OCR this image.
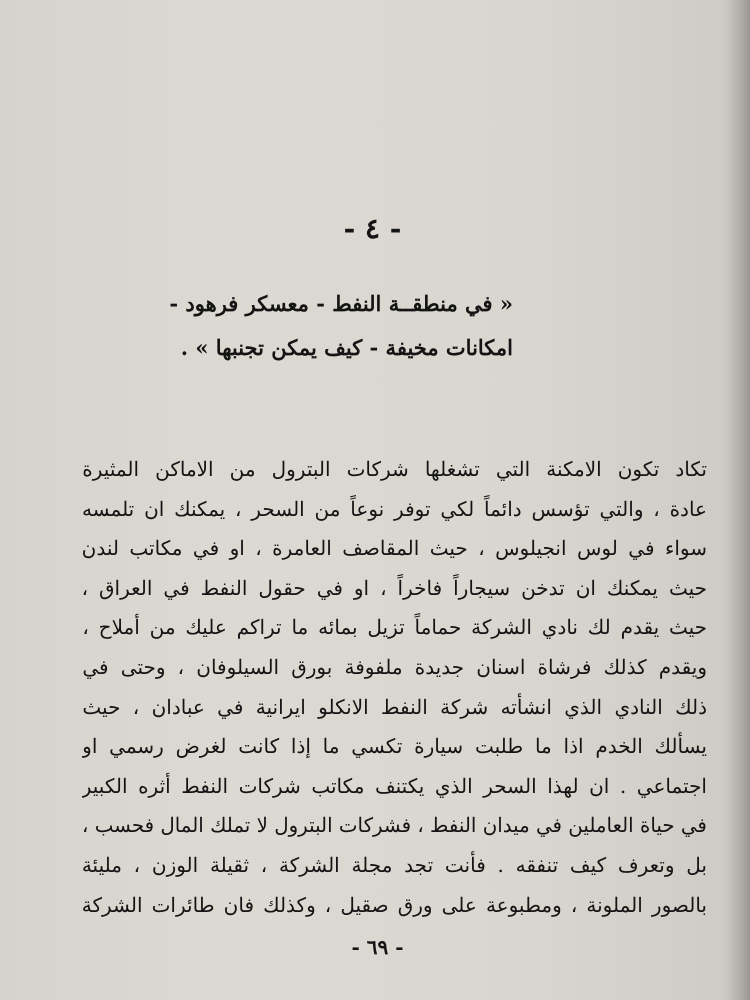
- ٤ -
« في منطقــة النفط - معسكر فرهود -
امكانات مخيفة - كيف يمكن تجنبها » .
تكاد تكون الامكنة التي تشغلها شركات البترول من الاماكن المثيرة
عادة ، والتي تؤسس دائماً لكي توفر نوعاً من السحر ، يمكنك ان تلمسه
سواء في لوس انجيلوس ، حيث المقاصف العامرة ، او في مكاتب لندن
حيث يمكنك ان تدخن سيجاراً فاخراً ، او في حقول النفط في العراق ،
حيث يقدم لك نادي الشركة حماماً تزيل بمائه ما تراكم عليك من أملاح ،
ويقدم كذلك فرشاة اسنان جديدة ملفوفة بورق السيلوفان ، وحتى في
ذلك النادي الذي انشأته شركة النفط الانكلو ايرانية في عبادان ، حيث
يسألك الخدم اذا ما طلبت سيارة تكسي ما إذا كانت لغرض رسمي او
اجتماعي . ان لهذا السحر الذي يكتنف مكاتب شركات النفط أثره الكبير
في حياة العاملين في ميدان النفط ، فشركات البترول لا تملك المال فحسب ،
بل وتعرف كيف تنفقه . فأنت تجد مجلة الشركة ، ثقيلة الوزن ، مليئة
بالصور الملونة ، ومطبوعة على ورق صقيل ، وكذلك فان طائرات الشركة
- ٦٩ -
